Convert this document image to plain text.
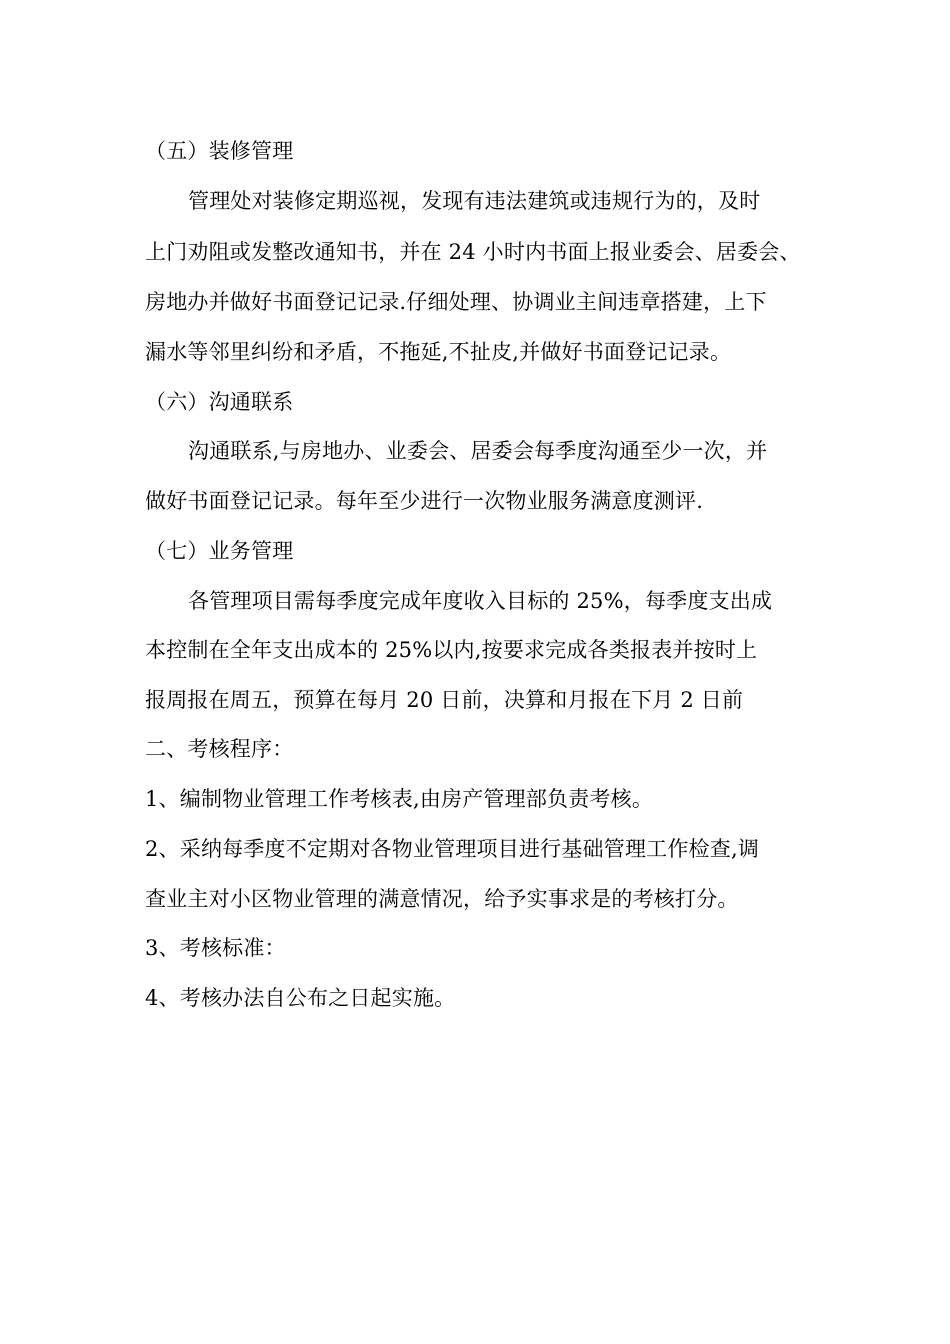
（五）装修管理
管理处对装修定期巡视，发现有违法建筑或违规行为的，及时
上门劝阻或发整改通知书，并在 24 小时内书面上报业委会、居委会、
房地办并做好书面登记记录.仔细处理、协调业主间违章搭建，上下
漏水等邻里纠纷和矛盾，不拖延,不扯皮,并做好书面登记记录。
（六）沟通联系
沟通联系,与房地办、业委会、居委会每季度沟通至少一次，并
做好书面登记记录。每年至少进行一次物业服务满意度测评.
（七）业务管理
各管理项目需每季度完成年度收入目标的 25%，每季度支出成
本控制在全年支出成本的 25%以内,按要求完成各类报表并按时上
报周报在周五，预算在每月 20 日前，决算和月报在下月 2 日前
二、考核程序：
1、编制物业管理工作考核表,由房产管理部负责考核。
2、采纳每季度不定期对各物业管理项目进行基础管理工作检查,调
查业主对小区物业管理的满意情况，给予实事求是的考核打分。
3、考核标准：
4、考核办法自公布之日起实施。
